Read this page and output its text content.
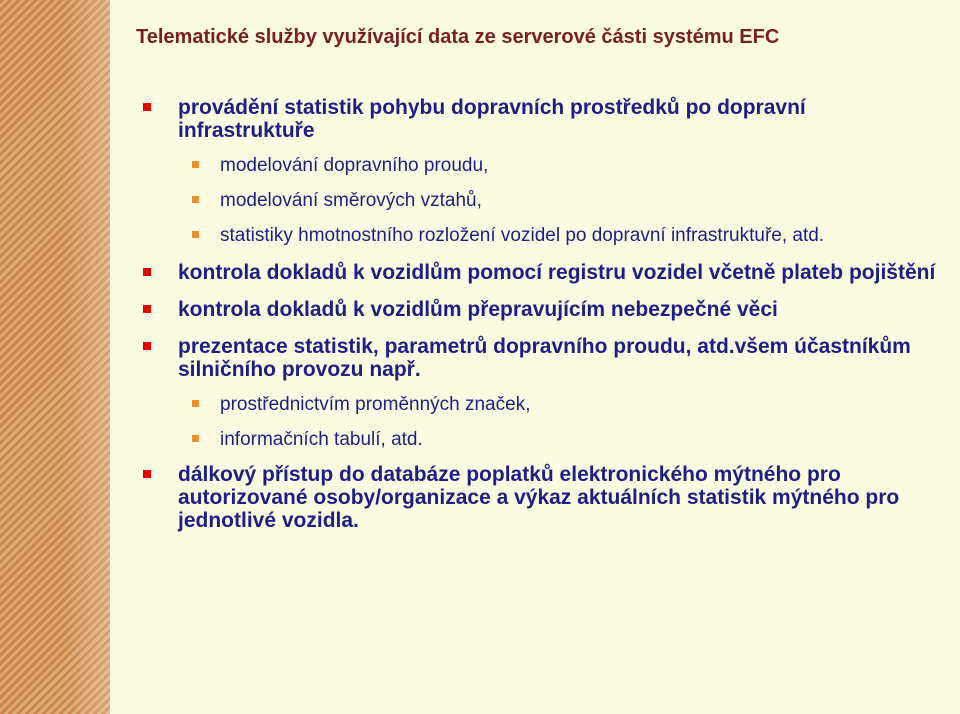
Telematické služby využívající data ze serverové části systému EFC
provádění statistik pohybu dopravních prostředků po dopravní infrastruktuře
modelování dopravního proudu,
modelování směrových vztahů,
statistiky hmotnostního rozložení vozidel po dopravní infrastruktuře, atd.
kontrola dokladů k vozidlům pomocí registru vozidel včetně plateb pojištění
kontrola dokladů k vozidlům přepravujícím nebezpečné věci
prezentace statistik, parametrů dopravního proudu, atd.všem účastníkům silničního provozu např.
prostřednictvím proměnných značek,
informačních tabulí, atd.
dálkový přístup do databáze poplatků elektronického mýtného pro autorizované osoby/organizace a výkaz aktuálních statistik mýtného pro jednotlivé vozidla.
